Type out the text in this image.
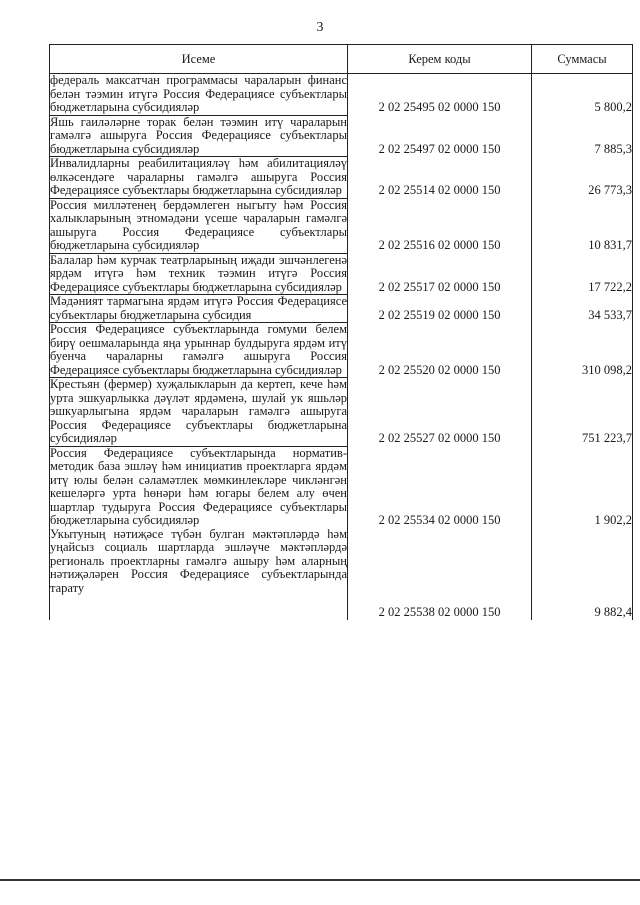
3
Исеме	Керем коды	Суммасы

федераль максатчан программасы чараларын финанс белән тәэмин итүгә Россия Федерациясе субъектлары бюджетларына субсидияләр	2 02 25495 02 0000 150	5 800,2

Яшь гаиләләрне торак белән тәэмин итү чараларын гамәлгә ашыруга Россия Федерациясе субъектлары бюджетларына субсидияләр	2 02 25497 02 0000 150	7 885,3

Инвалидларны реабилитацияләү һәм абилитацияләү өлкәсендәге чараларны гамәлгә ашыруга Россия Федерациясе субъектлары бюджетларына субсидияләр	2 02 25514 02 0000 150	26 773,3

Россия милләтенең бердәмлеген ныгыту һәм Россия халыкларының этномәдәни үсеше чараларын гамәлгә ашыруга Россия Федерациясе субъектлары бюджетларына субсидияләр	2 02 25516 02 0000 150	10 831,7

Балалар һәм курчак театрларының иҗади эшчәнлегенә ярдәм итүгә һәм техник тәэмин итүгә Россия Федерациясе субъектлары бюджетларына субсидияләр	2 02 25517 02 0000 150	17 722,2

Мәдәният тармагына ярдәм итүгә Россия Федерациясе субъектлары бюджетларына субсидия	2 02 25519 02 0000 150	34 533,7

Россия Федерациясе субъектларында гомуми белем бирү оешмаларында яңа урыннар булдыруга ярдәм итү буенча чараларны гамәлгә ашыруга Россия Федерациясе субъектлары бюджетларына субсидияләр	2 02 25520 02 0000 150	310 098,2

Крестьян (фермер) хуҗалыкларын да кертеп, кече һәм урта эшкуарлыкка дәүләт ярдәменә, шулай ук яшьләр эшкуарлыгына ярдәм чараларын гамәлгә ашыруга Россия Федерациясе субъектлары бюджетларына субсидияләр	2 02 25527 02 0000 150	751 223,7

Россия Федерациясе субъектларында норматив-методик база эшләү һәм инициатив проектларга ярдәм итү юлы белән сәламәтлек мөмкинлекләре чикләнгән кешеләргә урта һөнәри һәм югары белем алу өчен шартлар тудыруга Россия Федерациясе субъектлары бюджетларына субсидияләр	2 02 25534 02 0000 150	1 902,2

Укытуның нәтиҗәсе түбән булган мәктәпләрдә һәм уңайсыз социаль шартларда эшләүче мәктәпләрдә региональ проектларны гамәлгә ашыру һәм аларның нәтиҗәләрен Россия Федерациясе субъектларында тарату	2 02 25538 02 0000 150	9 882,4
